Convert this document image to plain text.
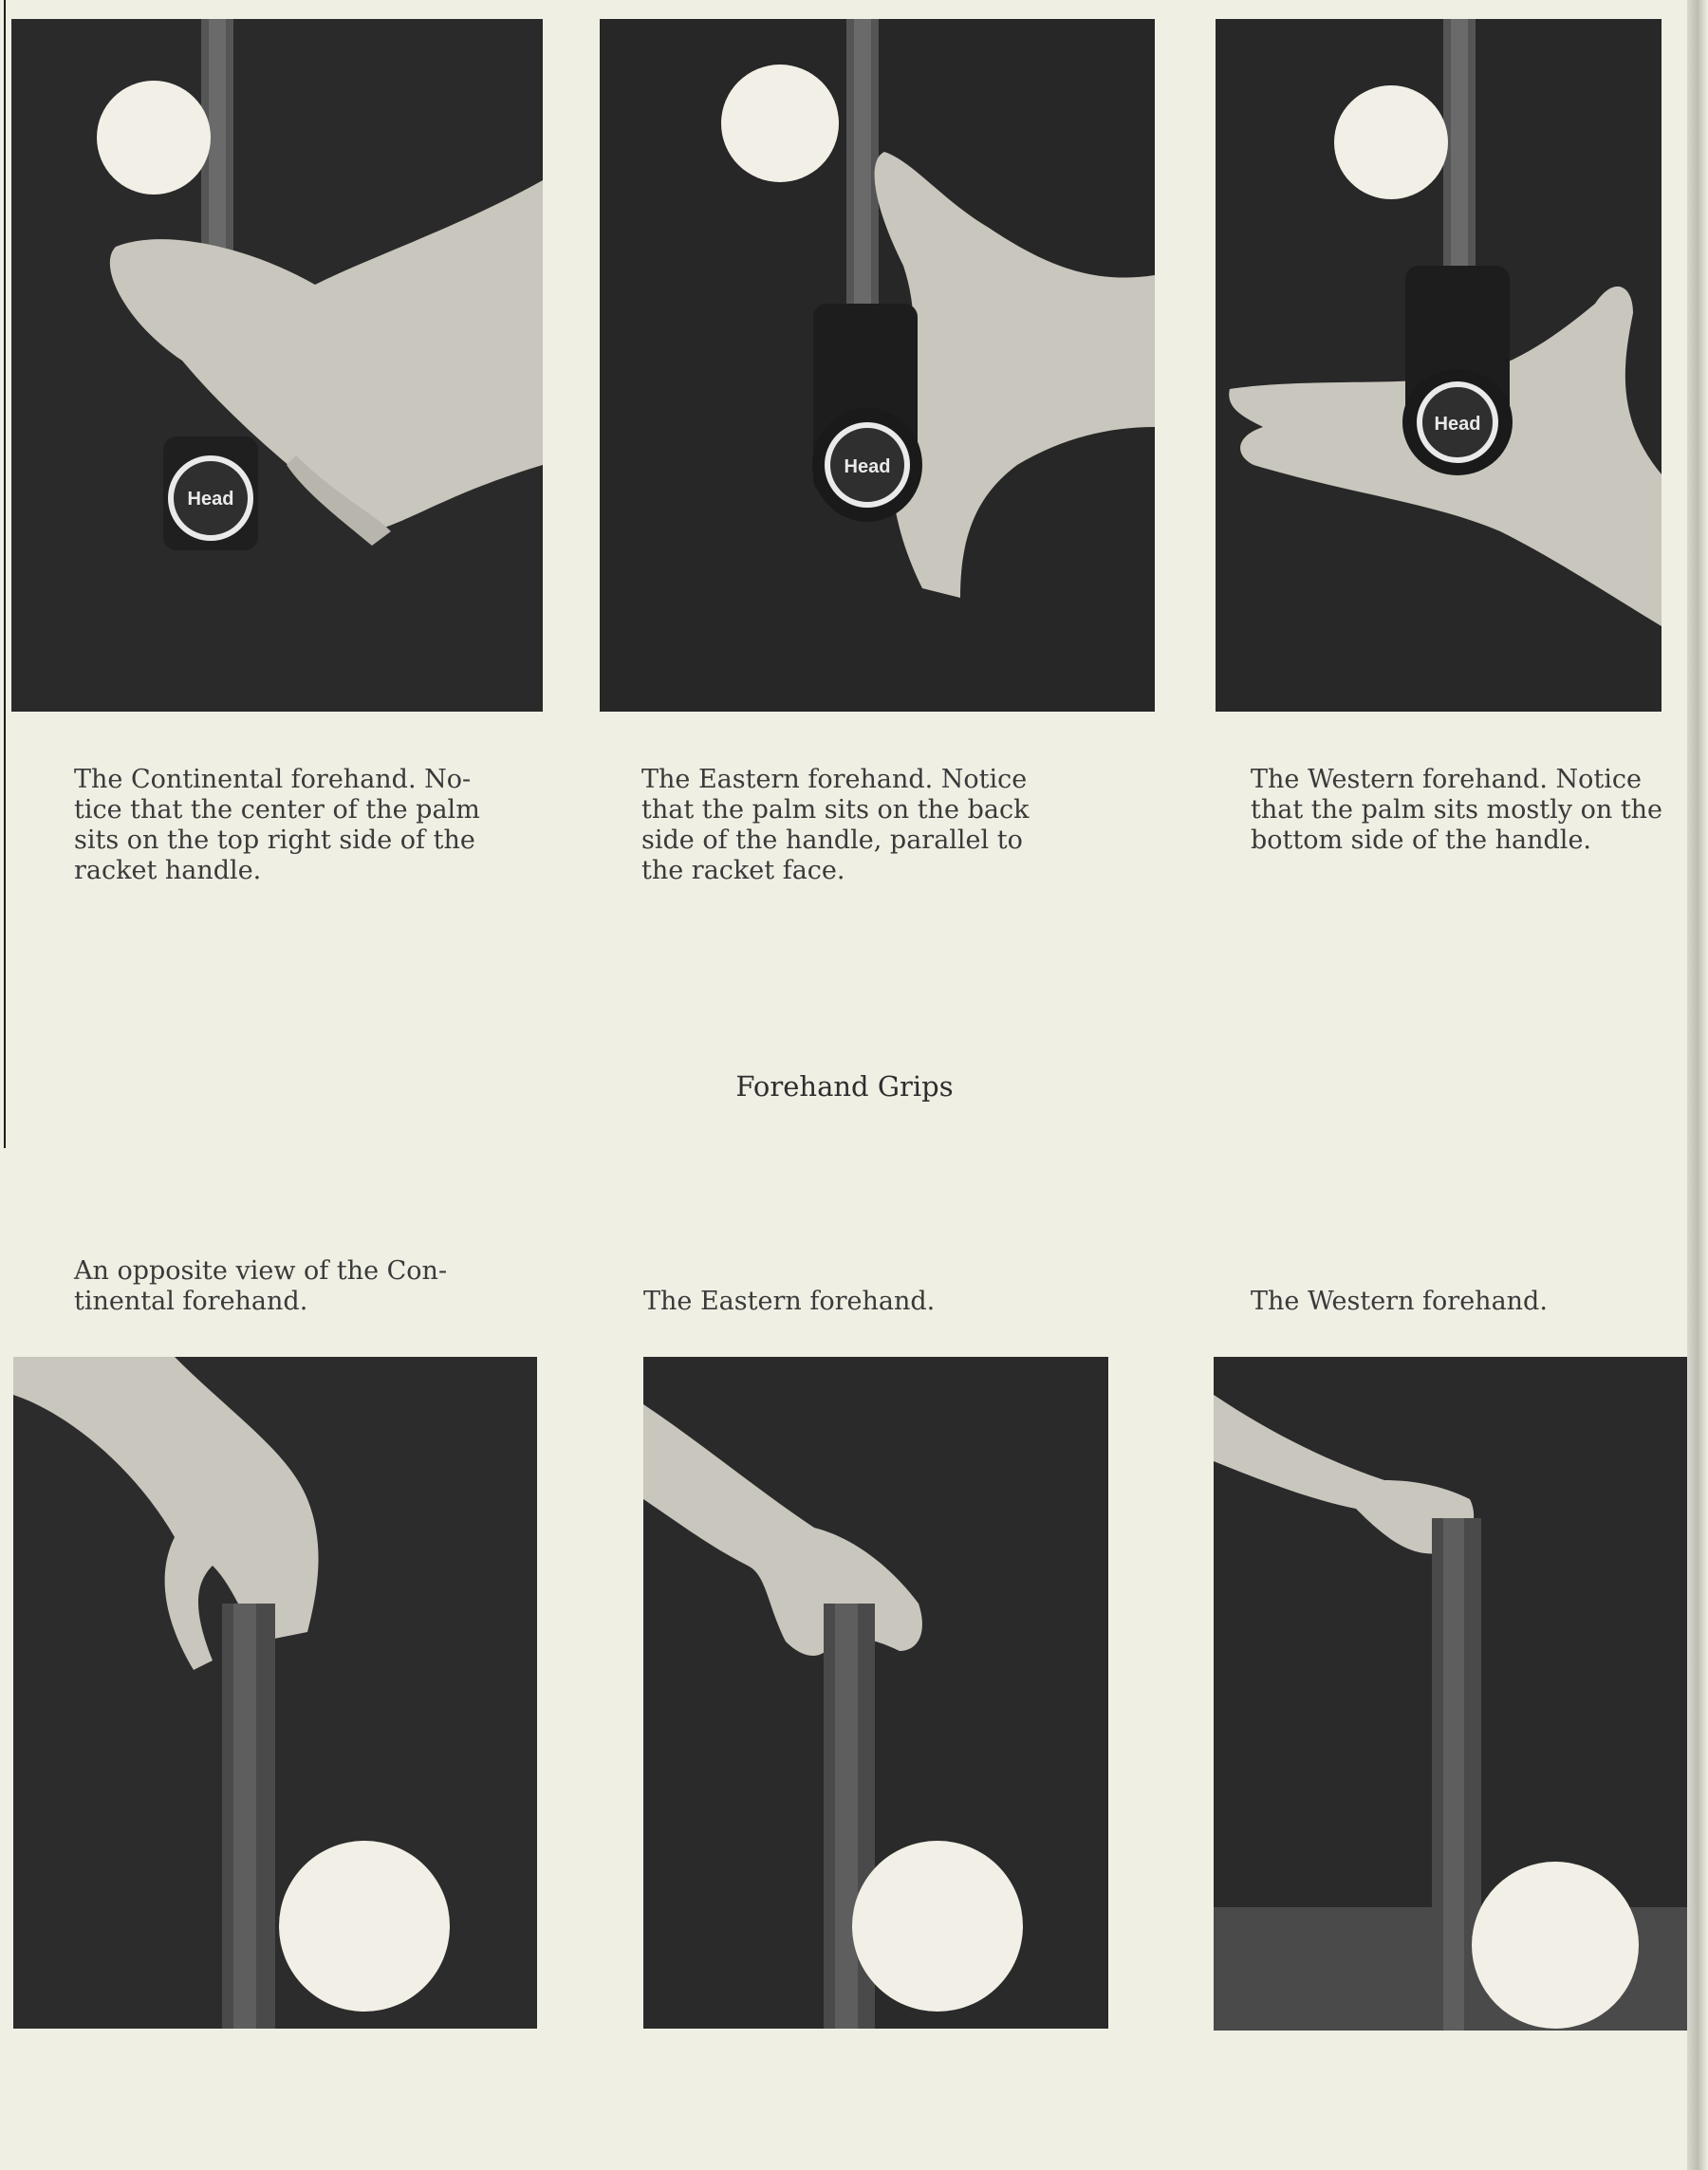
Head
Head
Head
The Continental forehand. No-
tice that the center of the palm
sits on the top right side of the
racket handle.
The Eastern forehand. Notice
that the palm sits on the back
side of the handle, parallel to
the racket face.
The Western forehand. Notice
that the palm sits mostly on the
bottom side of the handle.
Forehand Grips
An opposite view of the Con-
tinental forehand.	The Eastern forehand.	The Western forehand.
